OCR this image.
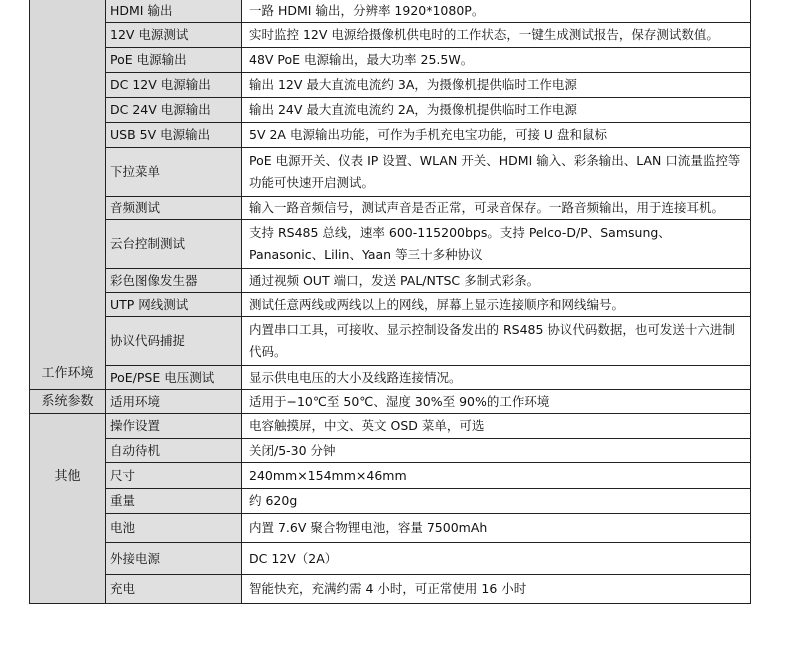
工作环境	HDMI 输出	一路 HDMI 输出，分辨率 1920*1080P。
	12V 电源测试	实时监控 12V 电源给摄像机供电时的工作状态，一键生成测试报告，保存测试数值。
	PoE 电源输出	48V PoE 电源输出，最大功率 25.5W。
	DC 12V 电源输出	输出 12V 最大直流电流约 3A，为摄像机提供临时工作电源
	DC 24V 电源输出	输出 24V 最大直流电流约 2A，为摄像机提供临时工作电源
	USB 5V 电源输出	5V 2A 电源输出功能，可作为手机充电宝功能，可接 U 盘和鼠标
	下拉菜单	PoE 电源开关、仪表 IP 设置、WLAN 开关、HDMI 输入、彩条输出、LAN 口流量监控等功能可快速开启测试。
	音频测试	输入一路音频信号，测试声音是否正常，可录音保存。一路音频输出，用于连接耳机。
	云台控制测试	支持 RS485 总线，速率 600-115200bps。支持 Pelco-D/P、Samsung、Panasonic、Lilin、Yaan 等三十多种协议
	彩色图像发生器	通过视频 OUT 端口，发送 PAL/NTSC 多制式彩条。
	UTP 网线测试	测试任意两线或两线以上的网线，屏幕上显示连接顺序和网线编号。
	协议代码捕捉	内置串口工具，可接收、显示控制设备发出的 RS485 协议代码数据，也可发送十六进制代码。
	PoE/PSE 电压测试	显示供电电压的大小及线路连接情况。
系统参数	适用环境	适用于−10℃至 50℃、湿度 30%至 90%的工作环境
其他	操作设置	电容触摸屏，中文、英文 OSD 菜单，可选
	自动待机	关闭/5-30 分钟
	尺寸	240mm×154mm×46mm
	重量	约 620g
	电池	内置 7.6V 聚合物锂电池，容量 7500mAh
	外接电源	DC 12V（2A）
	充电	智能快充，充满约需 4 小时，可正常使用 16 小时
